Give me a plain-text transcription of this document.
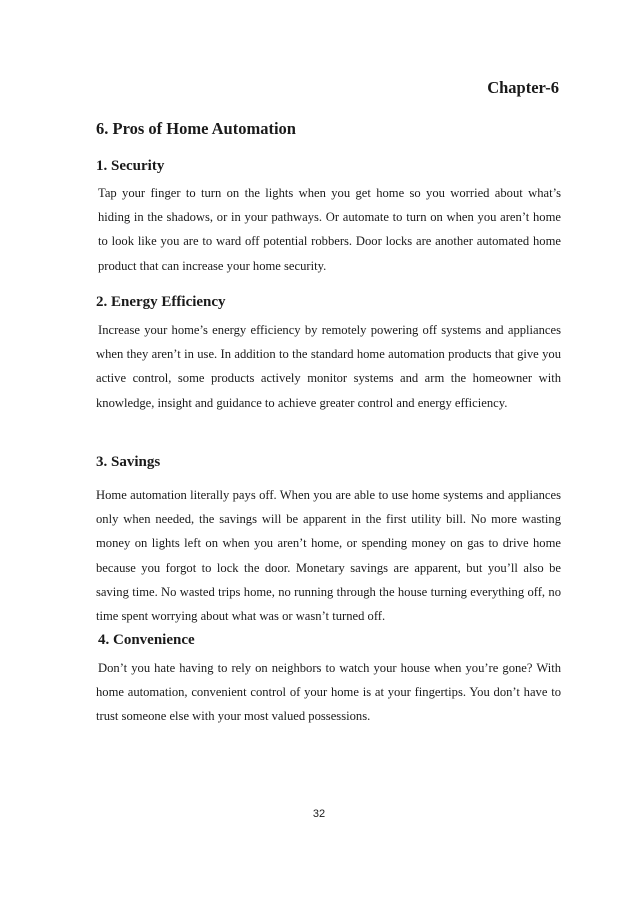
Chapter-6
6. Pros of Home Automation
1. Security

Tap your finger to turn on the lights when you get home so you worried about what’s hiding in the shadows, or in your pathways. Or automate to turn on when you aren’t home to look like you are to ward off potential robbers. Door locks are another automated home product that can increase your home security.

2. Energy Efficiency

Increase your home’s energy efficiency by remotely powering off systems and appliances when they aren’t in use. In addition to the standard home automation products that give you active control, some products actively monitor systems and arm the homeowner with knowledge, insight and guidance to achieve greater control and energy efficiency.

3. Savings

Home automation literally pays off. When you are able to use home systems and appliances only when needed, the savings will be apparent in the first utility bill. No more wasting money on lights left on when you aren’t home, or spending money on gas to drive home because you forgot to lock the door. Monetary savings are apparent, but you’ll also be saving time. No wasted trips home, no running through the house turning everything off, no time spent worrying about what was or wasn’t turned off.

4. Convenience

Don’t you hate having to rely on neighbors to watch your house when you’re gone? With home automation, convenient control of your home is at your fingertips. You don’t have to trust someone else with your most valued possessions.

32
